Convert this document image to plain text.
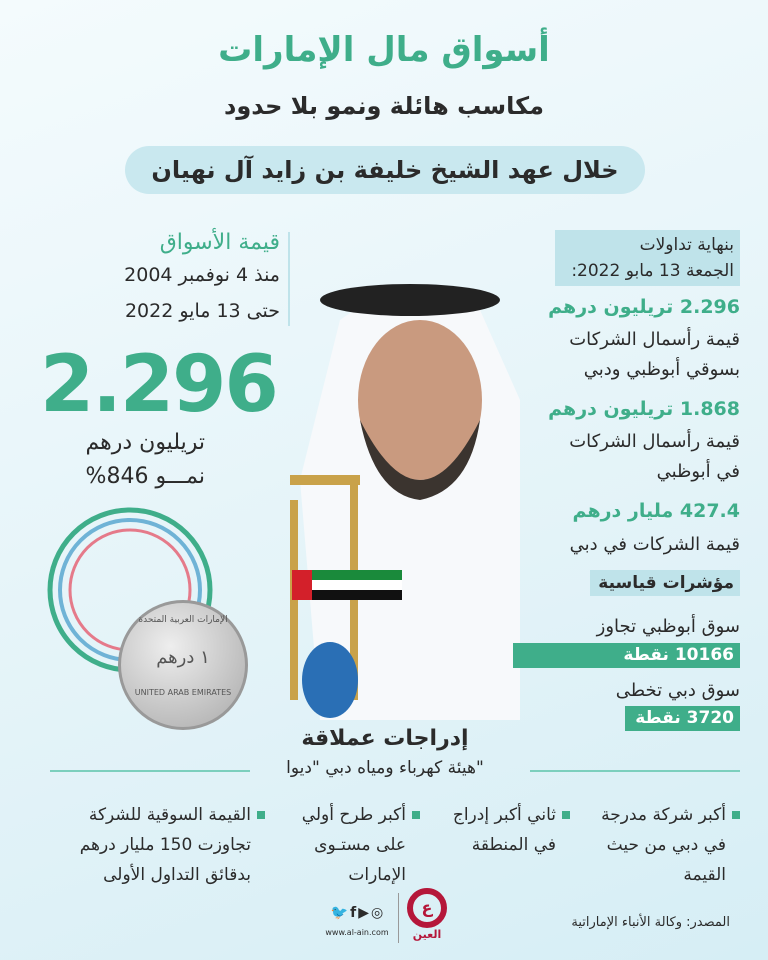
أسواق مال الإمارات
مكاسب هائلة ونمو بلا حدود
خلال عهد الشيخ خليفة بن زايد آل نهيان
قيمة الأسواق
منذ 4 نوفمبر 2004
حتى 13 مايو 2022
2.296
تريليون درهم
نمـــو 846%
الإمارات العربية المتحدة
١ درهم
UNITED ARAB EMIRATES
بنهاية تداولات
الجمعة 13 مابو 2022:
2.296 تريليون درهم
قيمة رأسمال الشركات
بسوقي أبوظبي ودبي
1.868 تريليون درهم
قيمة رأسمال الشركات
في أبوظبي
427.4 مليار درهم
قيمة الشركات في دبي
مؤشرات قياسية
سوق أبوظبي تجاوز
10166 نقطة
سوق دبي تخطى
3720 نقطة
إدراجات عملاقة
هيئة كهرباء ومياه دبي "ديوا"
أكبر شركة مدرجة
في دبي من حيث
القيمة
ثاني أكبر إدراج
في المنطقة
أكبر طرح أولي
على مستـوى
الإمارات
القيمة السوقية للشركة
تجاوزت 150 مليار درهم
بدقائق التداول الأولى
المصدر: وكالة الأنباء الإماراتية
ع
العين
🐦f▶◎
www.al-ain.com
